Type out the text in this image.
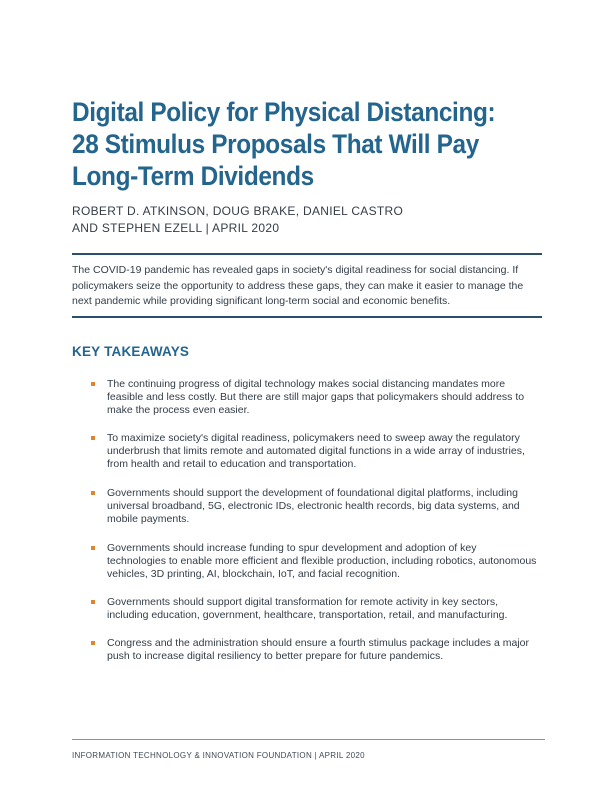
Digital Policy for Physical Distancing:
28 Stimulus Proposals That Will Pay
Long-Term Dividends
ROBERT D. ATKINSON, DOUG BRAKE, DANIEL CASTRO
AND STEPHEN EZELL | APRIL 2020

The COVID-19 pandemic has revealed gaps in society's digital readiness for social distancing. If policymakers seize the opportunity to address these gaps, they can make it easier to manage the next pandemic while providing significant long-term social and economic benefits.

KEY TAKEAWAYS

The continuing progress of digital technology makes social distancing mandates more feasible and less costly. But there are still major gaps that policymakers should address to make the process even easier.

To maximize society's digital readiness, policymakers need to sweep away the regulatory underbrush that limits remote and automated digital functions in a wide array of industries, from health and retail to education and transportation.

Governments should support the development of foundational digital platforms, including universal broadband, 5G, electronic IDs, electronic health records, big data systems, and mobile payments.

Governments should increase funding to spur development and adoption of key technologies to enable more efficient and flexible production, including robotics, autonomous vehicles, 3D printing, AI, blockchain, IoT, and facial recognition.

Governments should support digital transformation for remote activity in key sectors, including education, government, healthcare, transportation, retail, and manufacturing.

Congress and the administration should ensure a fourth stimulus package includes a major push to increase digital resiliency to better prepare for future pandemics.

INFORMATION TECHNOLOGY & INNOVATION FOUNDATION | APRIL 2020
